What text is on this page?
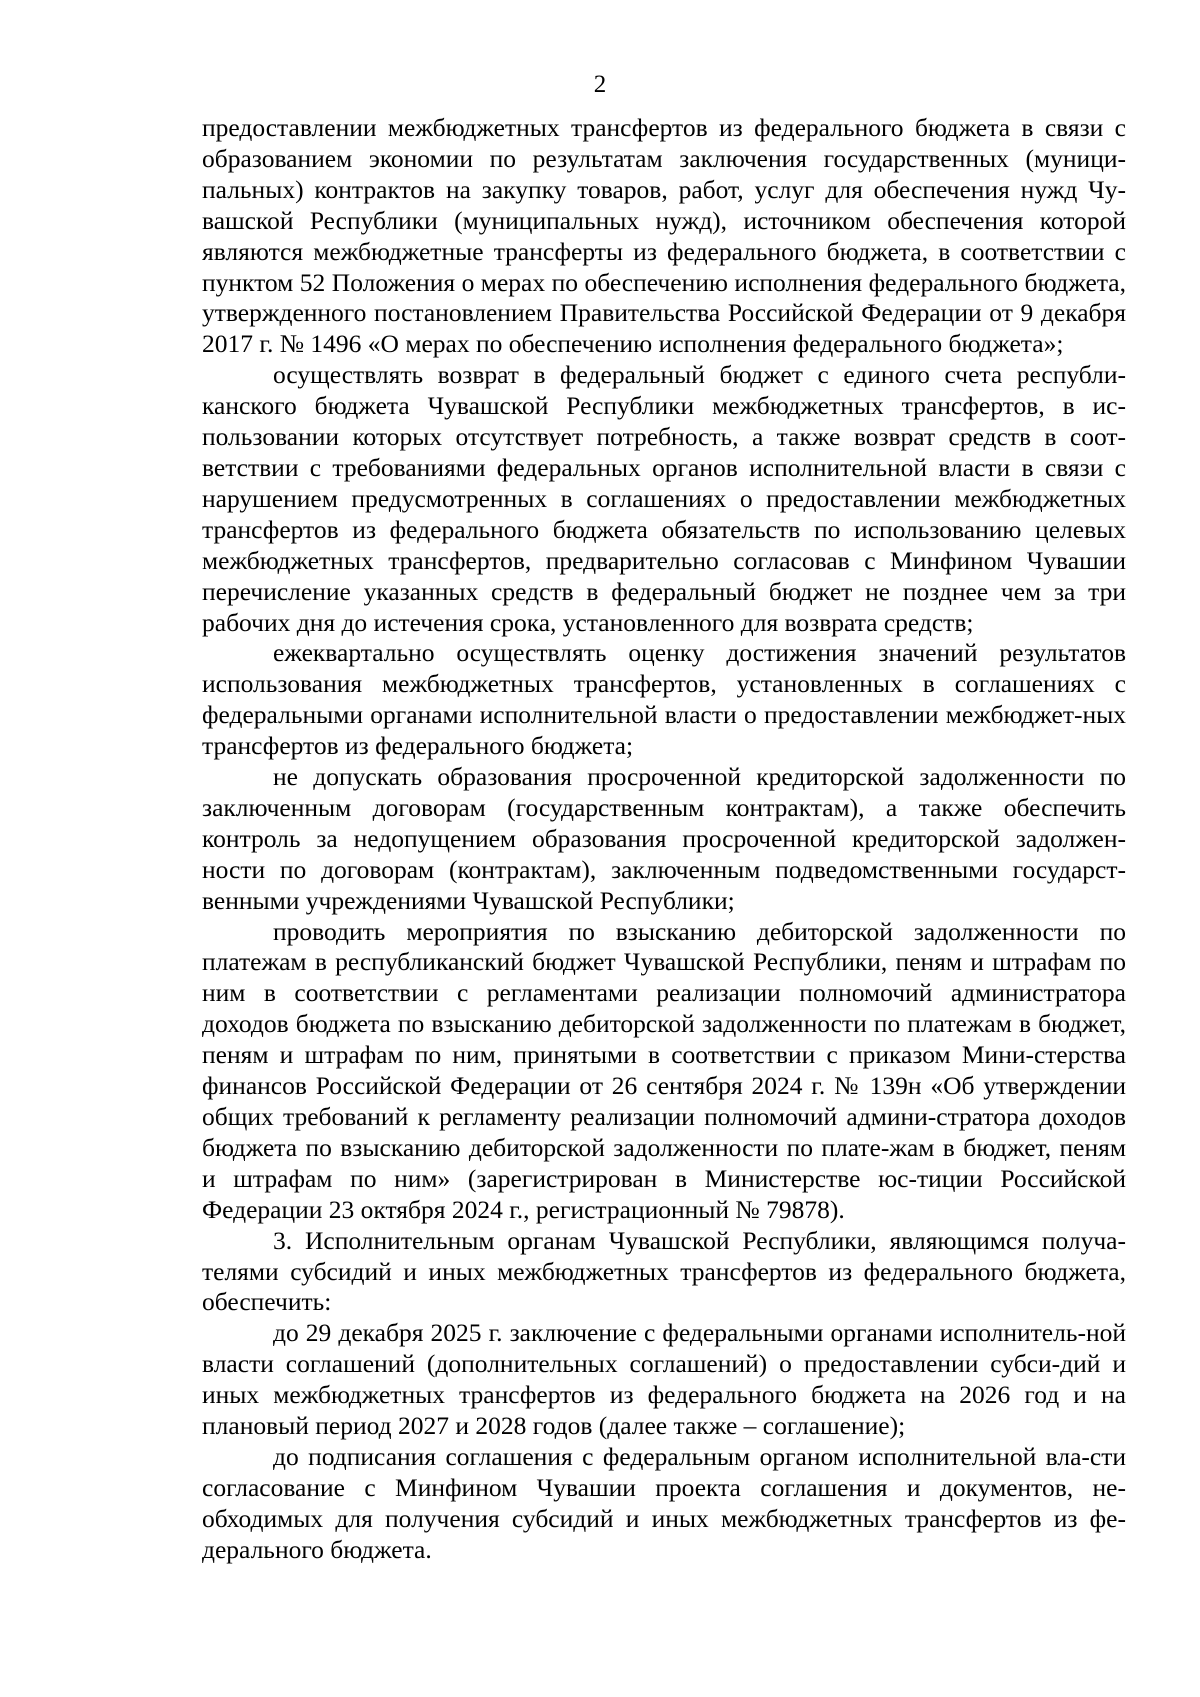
2

предоставлении межбюджетных трансфертов из федерального бюджета в связи с образованием экономии по результатам заключения государственных (муници-пальных) контрактов на закупку товаров, работ, услуг для обеспечения нужд Чу-вашской Республики (муниципальных нужд), источником обеспечения которой являются межбюджетные трансферты из федерального бюджета, в соответствии с пунктом 52 Положения о мерах по обеспечению исполнения федерального бюджета, утвержденного постановлением Правительства Российской Федерации от 9 декабря 2017 г. № 1496 «О мерах по обеспечению исполнения федерального бюджета»;

осуществлять возврат в федеральный бюджет с единого счета республи-канского бюджета Чувашской Республики межбюджетных трансфертов, в ис-пользовании которых отсутствует потребность, а также возврат средств в соот-ветствии с требованиями федеральных органов исполнительной власти в связи с нарушением предусмотренных в соглашениях о предоставлении межбюджетных трансфертов из федерального бюджета обязательств по использованию целевых межбюджетных трансфертов, предварительно согласовав с Минфином Чувашии перечисление указанных средств в федеральный бюджет не позднее чем за три рабочих дня до истечения срока, установленного для возврата средств;

ежеквартально осуществлять оценку достижения значений результатов использования межбюджетных трансфертов, установленных в соглашениях с федеральными органами исполнительной власти о предоставлении межбюджет-ных трансфертов из федерального бюджета;

не допускать образования просроченной кредиторской задолженности по заключенным договорам (государственным контрактам), а также обеспечить контроль за недопущением образования просроченной кредиторской задолжен-ности по договорам (контрактам), заключенным подведомственными государст-венными учреждениями Чувашской Республики;

проводить мероприятия по взысканию дебиторской задолженности по платежам в республиканский бюджет Чувашской Республики, пеням и штрафам по ним в соответствии с регламентами реализации полномочий администратора доходов бюджета по взысканию дебиторской задолженности по платежам в бюджет, пеням и штрафам по ним, принятыми в соответствии с приказом Мини-стерства финансов Российской Федерации от 26 сентября 2024 г. № 139н «Об утверждении общих требований к регламенту реализации полномочий админи-стратора доходов бюджета по взысканию дебиторской задолженности по плате-жам в бюджет, пеням и штрафам по ним» (зарегистрирован в Министерстве юс-тиции Российской Федерации 23 октября 2024 г., регистрационный № 79878).

3. Исполнительным органам Чувашской Республики, являющимся получа-телями субсидий и иных межбюджетных трансфертов из федерального бюджета, обеспечить:

до 29 декабря 2025 г. заключение с федеральными органами исполнитель-ной власти соглашений (дополнительных соглашений) о предоставлении субси-дий и иных межбюджетных трансфертов из федерального бюджета на 2026 год и на плановый период 2027 и 2028 годов (далее также – соглашение);

до подписания соглашения с федеральным органом исполнительной вла-сти согласование с Минфином Чувашии проекта соглашения и документов, не-обходимых для получения субсидий и иных межбюджетных трансфертов из фе-дерального бюджета.
